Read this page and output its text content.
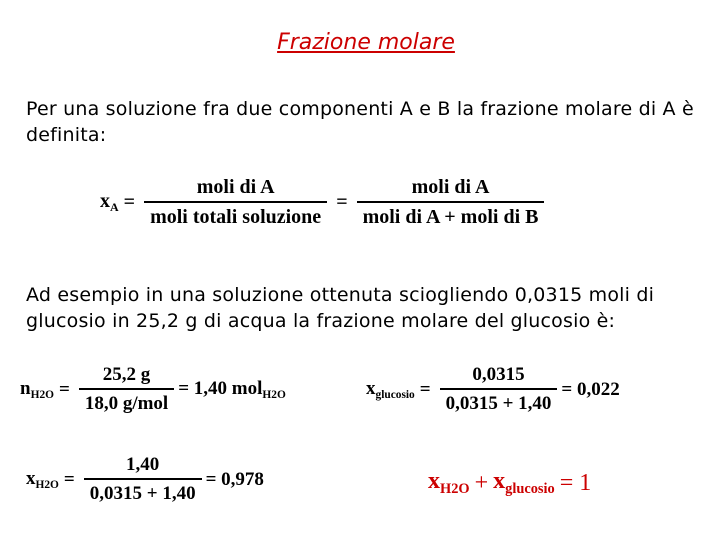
Frazione molare
Per una soluzione fra due componenti A e B la frazione molare di A è definita:
$x_A = \frac{\text{moli di A}}{\text{moli totali soluzione}} = \frac{\text{moli di A}}{\text{moli di A + moli di B}}$
Ad esempio in una soluzione ottenuta sciogliendo 0,0315 moli di glucosio in 25,2 g di acqua la frazione molare del glucosio è:
$n_{H2O} = \frac{25,2 g}{\text{18,0 g/mol}} = 1,40$ mol$_{H2O}$	$x_{glucosio} = \frac{0,0315}{0,0315 + 1,40} = 0,022$
$x_{H2O} = \frac{1,40}{0,0315 + 1,40} = 0,978$	$x_{H2O} + x_{glucosio} = 1$
